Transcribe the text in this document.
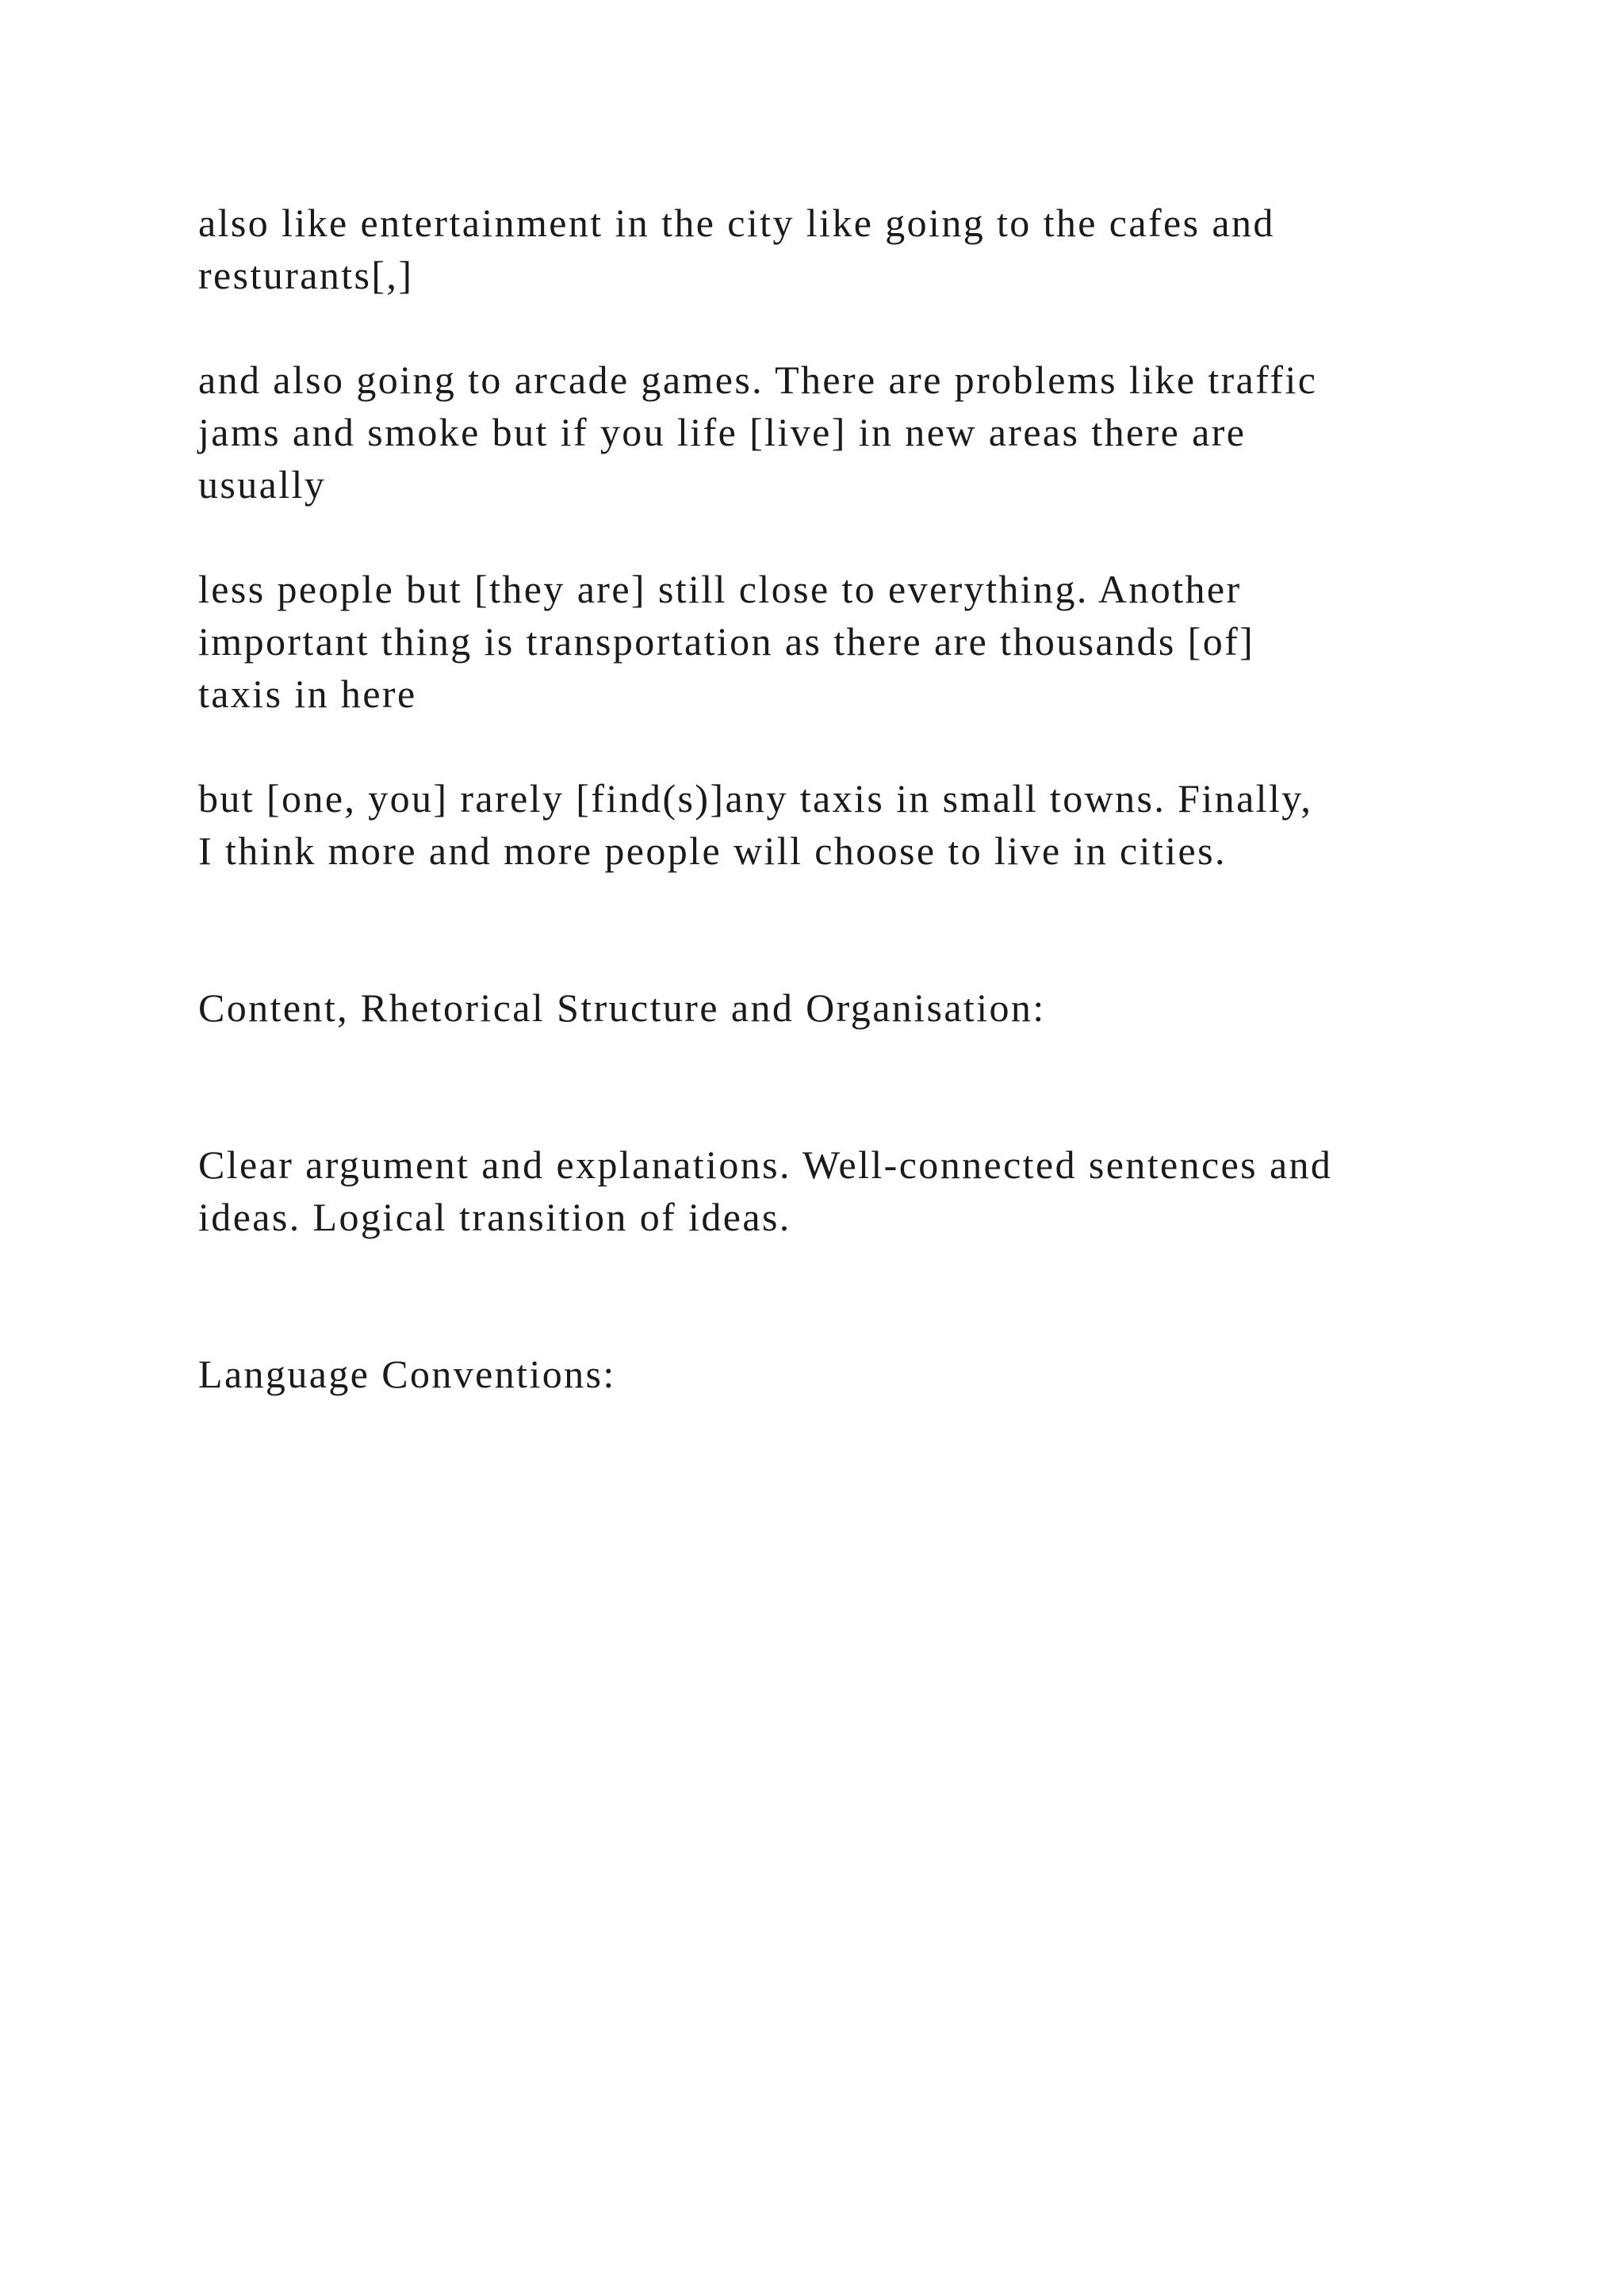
also like entertainment in the city like going to the cafes and
resturants[,]

and also going to arcade games. There are problems like traffic
jams and smoke but if you life [live] in new areas there are
usually

less people but [they are] still close to everything. Another
important thing is transportation as there are thousands [of]
taxis in here

but [one, you] rarely [find(s)]any taxis in small towns. Finally,
I think more and more people will choose to live in cities.

Content, Rhetorical Structure and Organisation:

Clear argument and explanations. Well-connected sentences and
ideas. Logical transition of ideas.

Language Conventions:
